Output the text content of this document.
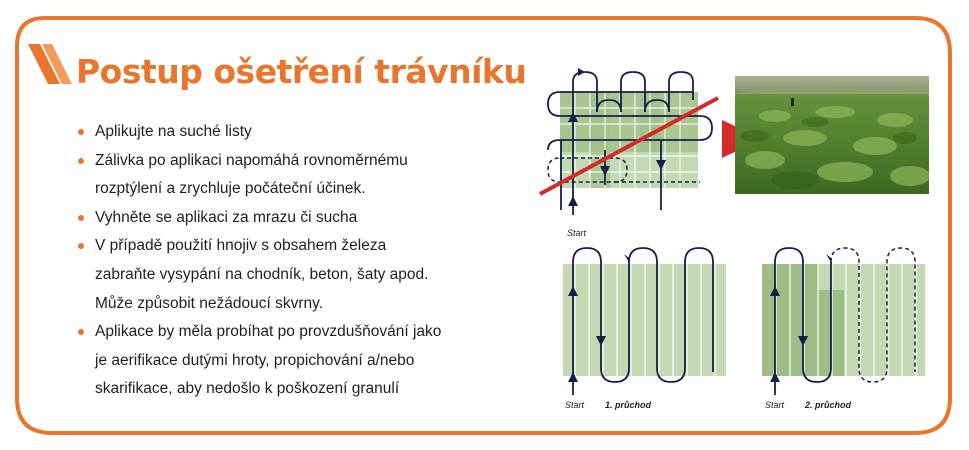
Postup ošetření trávníku
Aplikujte na suché listy
Zálivka po aplikaci napomáhá rovnoměrnému
rozptýlení a zrychluje počáteční účinek.
Vyhněte se aplikaci za mrazu či sucha
V případě použití hnojiv s obsahem železa
zabraňte vysypání na chodník, beton, šaty apod.
Může způsobit nežádoucí skvrny.
Aplikace by měla probíhat po provzdušňování jako
je aerifikace dutými hroty, propichování a/nebo
skarifikace, aby nedošlo k poškození granulí
Start
Start 1. průchod	Start 2. průchod
